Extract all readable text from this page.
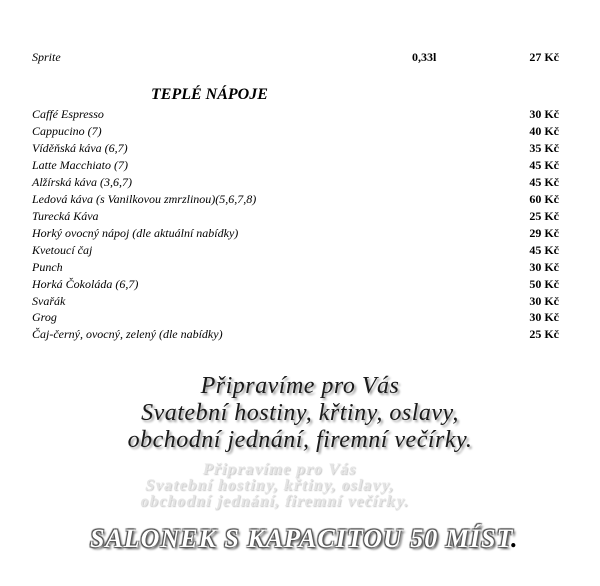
Sprite	0,33l	27 Kč
TEPLÉ NÁPOJE
Caffé Espresso	30 Kč
Cappucino (7)	40 Kč
Víděňská káva (6,7)	35 Kč
Latte Macchiato (7)	45 Kč
Alžírská káva (3,6,7)	45 Kč
Ledová káva (s Vanilkovou zmrzlinou)(5,6,7,8)	60 Kč
Turecká Káva	25 Kč
Horký ovocný nápoj (dle aktuální nabídky)	29 Kč
Kvetoucí čaj	45 Kč
Punch	30 Kč
Horká Čokoláda (6,7)	50 Kč
Svařák	30 Kč
Grog	30 Kč
Čaj-černý, ovocný, zelený (dle nabídky)	25 Kč
Připravíme pro Vás
Svatební hostiny, křtiny, oslavy,
obchodní jednání, firemní večírky.
Připravíme pro Vás
Svatební hostiny, křtiny, oslavy,
obchodní jednání, firemní večírky.
SALONEK S KAPACITOU 50 MÍST.
